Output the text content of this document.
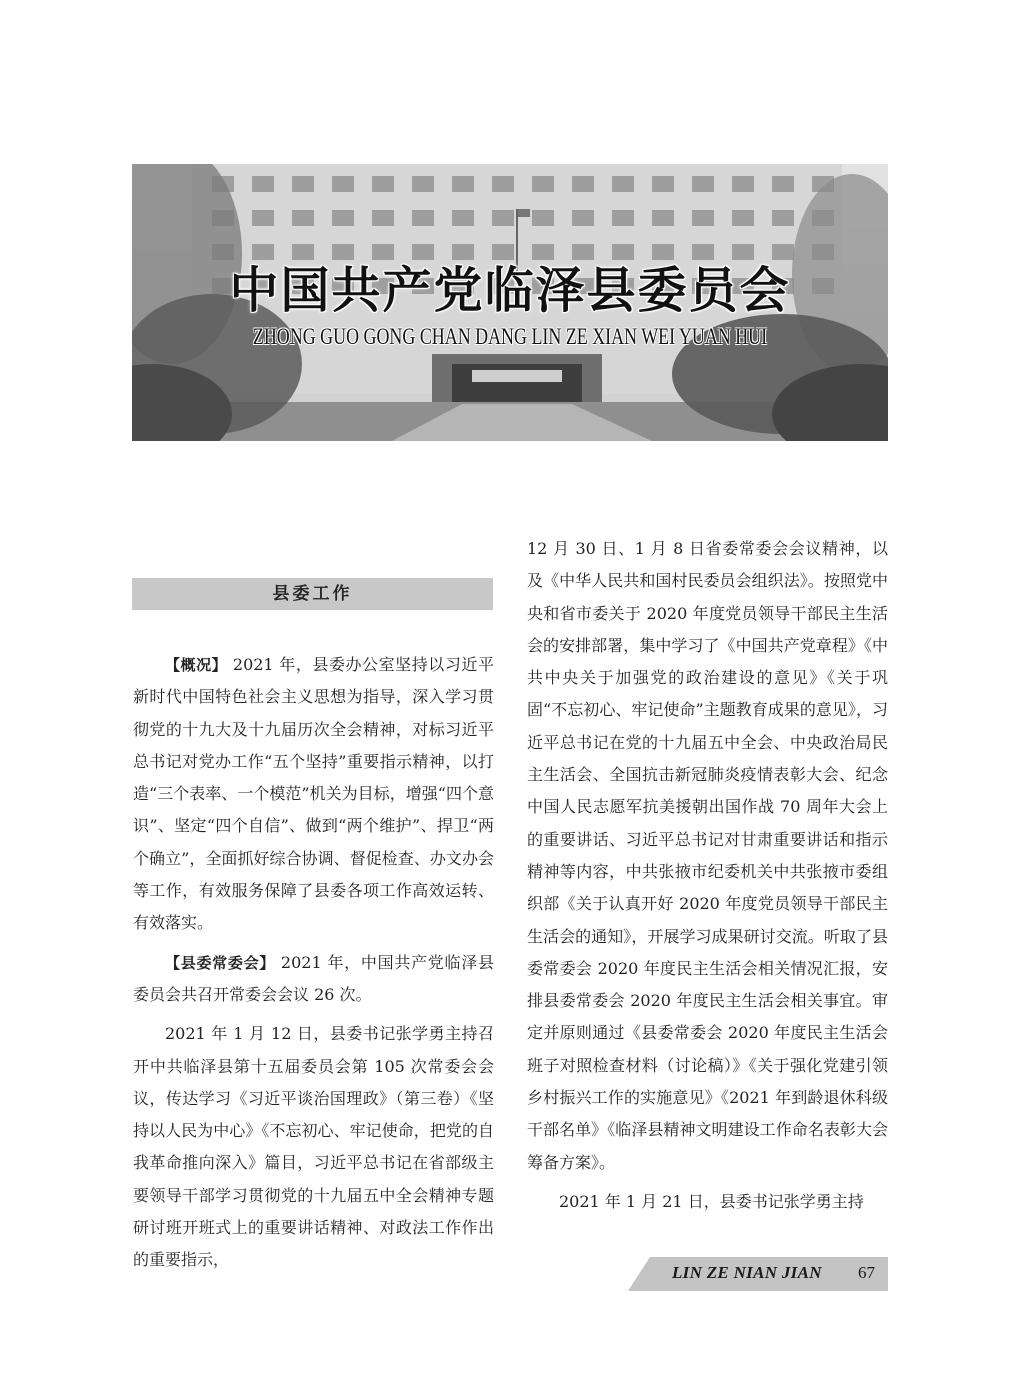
中国共产党临泽县委员会
ZHONG GUO GONG CHAN DANG LIN ZE XIAN WEI YUAN HUI
县委工作

【概况】 2021 年，县委办公室坚持以习近平新时代中国特色社会主义思想为指导，深入学习贯彻党的十九大及十九届历次全会精神，对标习近平总书记对党办工作“五个坚持”重要指示精神，以打造“三个表率、一个模范”机关为目标，增强“四个意识”、坚定“四个自信”、做到“两个维护”、捍卫“两个确立”，全面抓好综合协调、督促检查、办文办会等工作，有效服务保障了县委各项工作高效运转、有效落实。

【县委常委会】 2021 年，中国共产党临泽县委员会共召开常委会会议 26 次。

2021 年 1 月 12 日，县委书记张学勇主持召开中共临泽县第十五届委员会第 105 次常委会会议，传达学习《习近平谈治国理政》（第三卷）《坚持以人民为中心》《不忘初心、牢记使命，把党的自我革命推向深入》篇目，习近平总书记在省部级主要领导干部学习贯彻党的十九届五中全会精神专题研讨班开班式上的重要讲话精神、对政法工作作出的重要指示，

12 月 30 日、1 月 8 日省委常委会会议精神，以及《中华人民共和国村民委员会组织法》。按照党中央和省市委关于 2020 年度党员领导干部民主生活会的安排部署，集中学习了《中国共产党章程》《中共中央关于加强党的政治建设的意见》《关于巩固“不忘初心、牢记使命”主题教育成果的意见》，习近平总书记在党的十九届五中全会、中央政治局民主生活会、全国抗击新冠肺炎疫情表彰大会、纪念中国人民志愿军抗美援朝出国作战 70 周年大会上的重要讲话、习近平总书记对甘肃重要讲话和指示精神等内容，中共张掖市纪委机关中共张掖市委组织部《关于认真开好 2020 年度党员领导干部民主生活会的通知》，开展学习成果研讨交流。听取了县委常委会 2020 年度民主生活会相关情况汇报，安排县委常委会 2020 年度民主生活会相关事宜。审定并原则通过《县委常委会 2020 年度民主生活会班子对照检查材料（讨论稿）》《关于强化党建引领乡村振兴工作的实施意见》《2021 年到龄退休科级干部名单》《临泽县精神文明建设工作命名表彰大会筹备方案》。

2021 年 1 月 21 日，县委书记张学勇主持

LIN ZE NIAN JIAN 67
